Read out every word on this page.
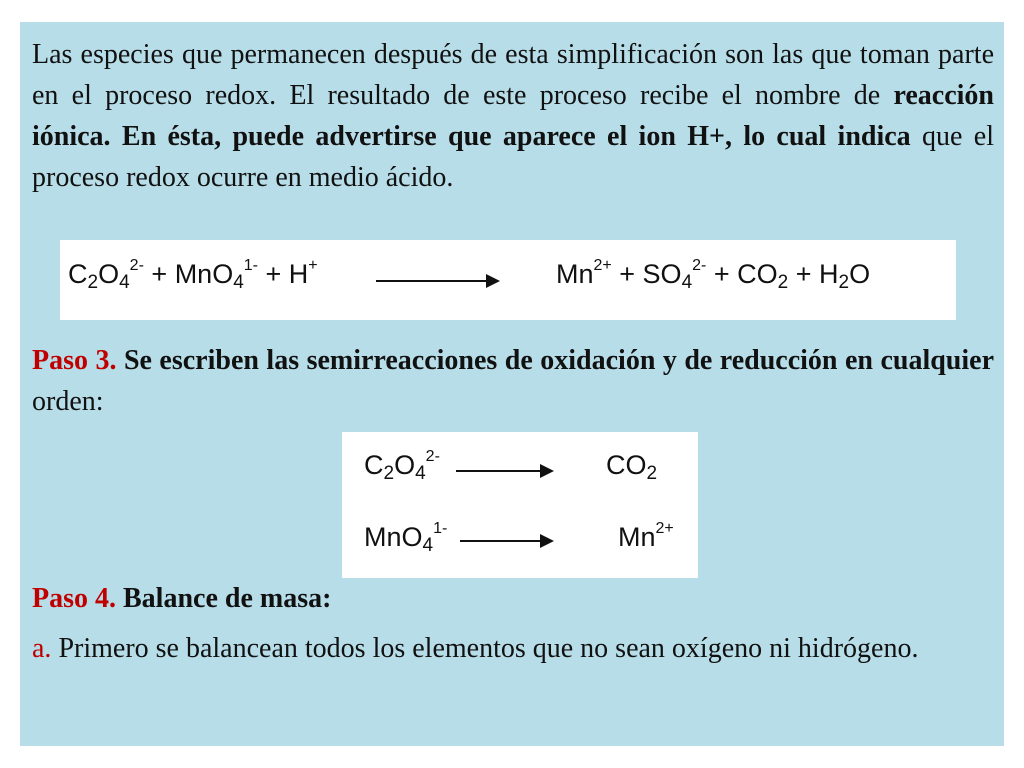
Las especies que permanecen después de esta simplificación son las que toman parte en el proceso redox. El resultado de este proceso recibe el nombre de reacción iónica. En ésta, puede advertirse que aparece el ion H+, lo cual indica que el proceso redox ocurre en medio ácido.

$C_2O_4^{2-} + MnO_4^{1-} + H^+$	$Mn^{2+} + SO_4^{2-} + CO_2 + H_2O$

Paso 3. Se escriben las semirreacciones de oxidación y de reducción en cualquier orden:

$C_2O_4^{2-}$	$CO_2$
MnO$_4^{1-}$	$Mn^{2+}$

Paso 4. Balance de masa:

a. Primero se balancean todos los elementos que no sean oxígeno ni hidrógeno.
